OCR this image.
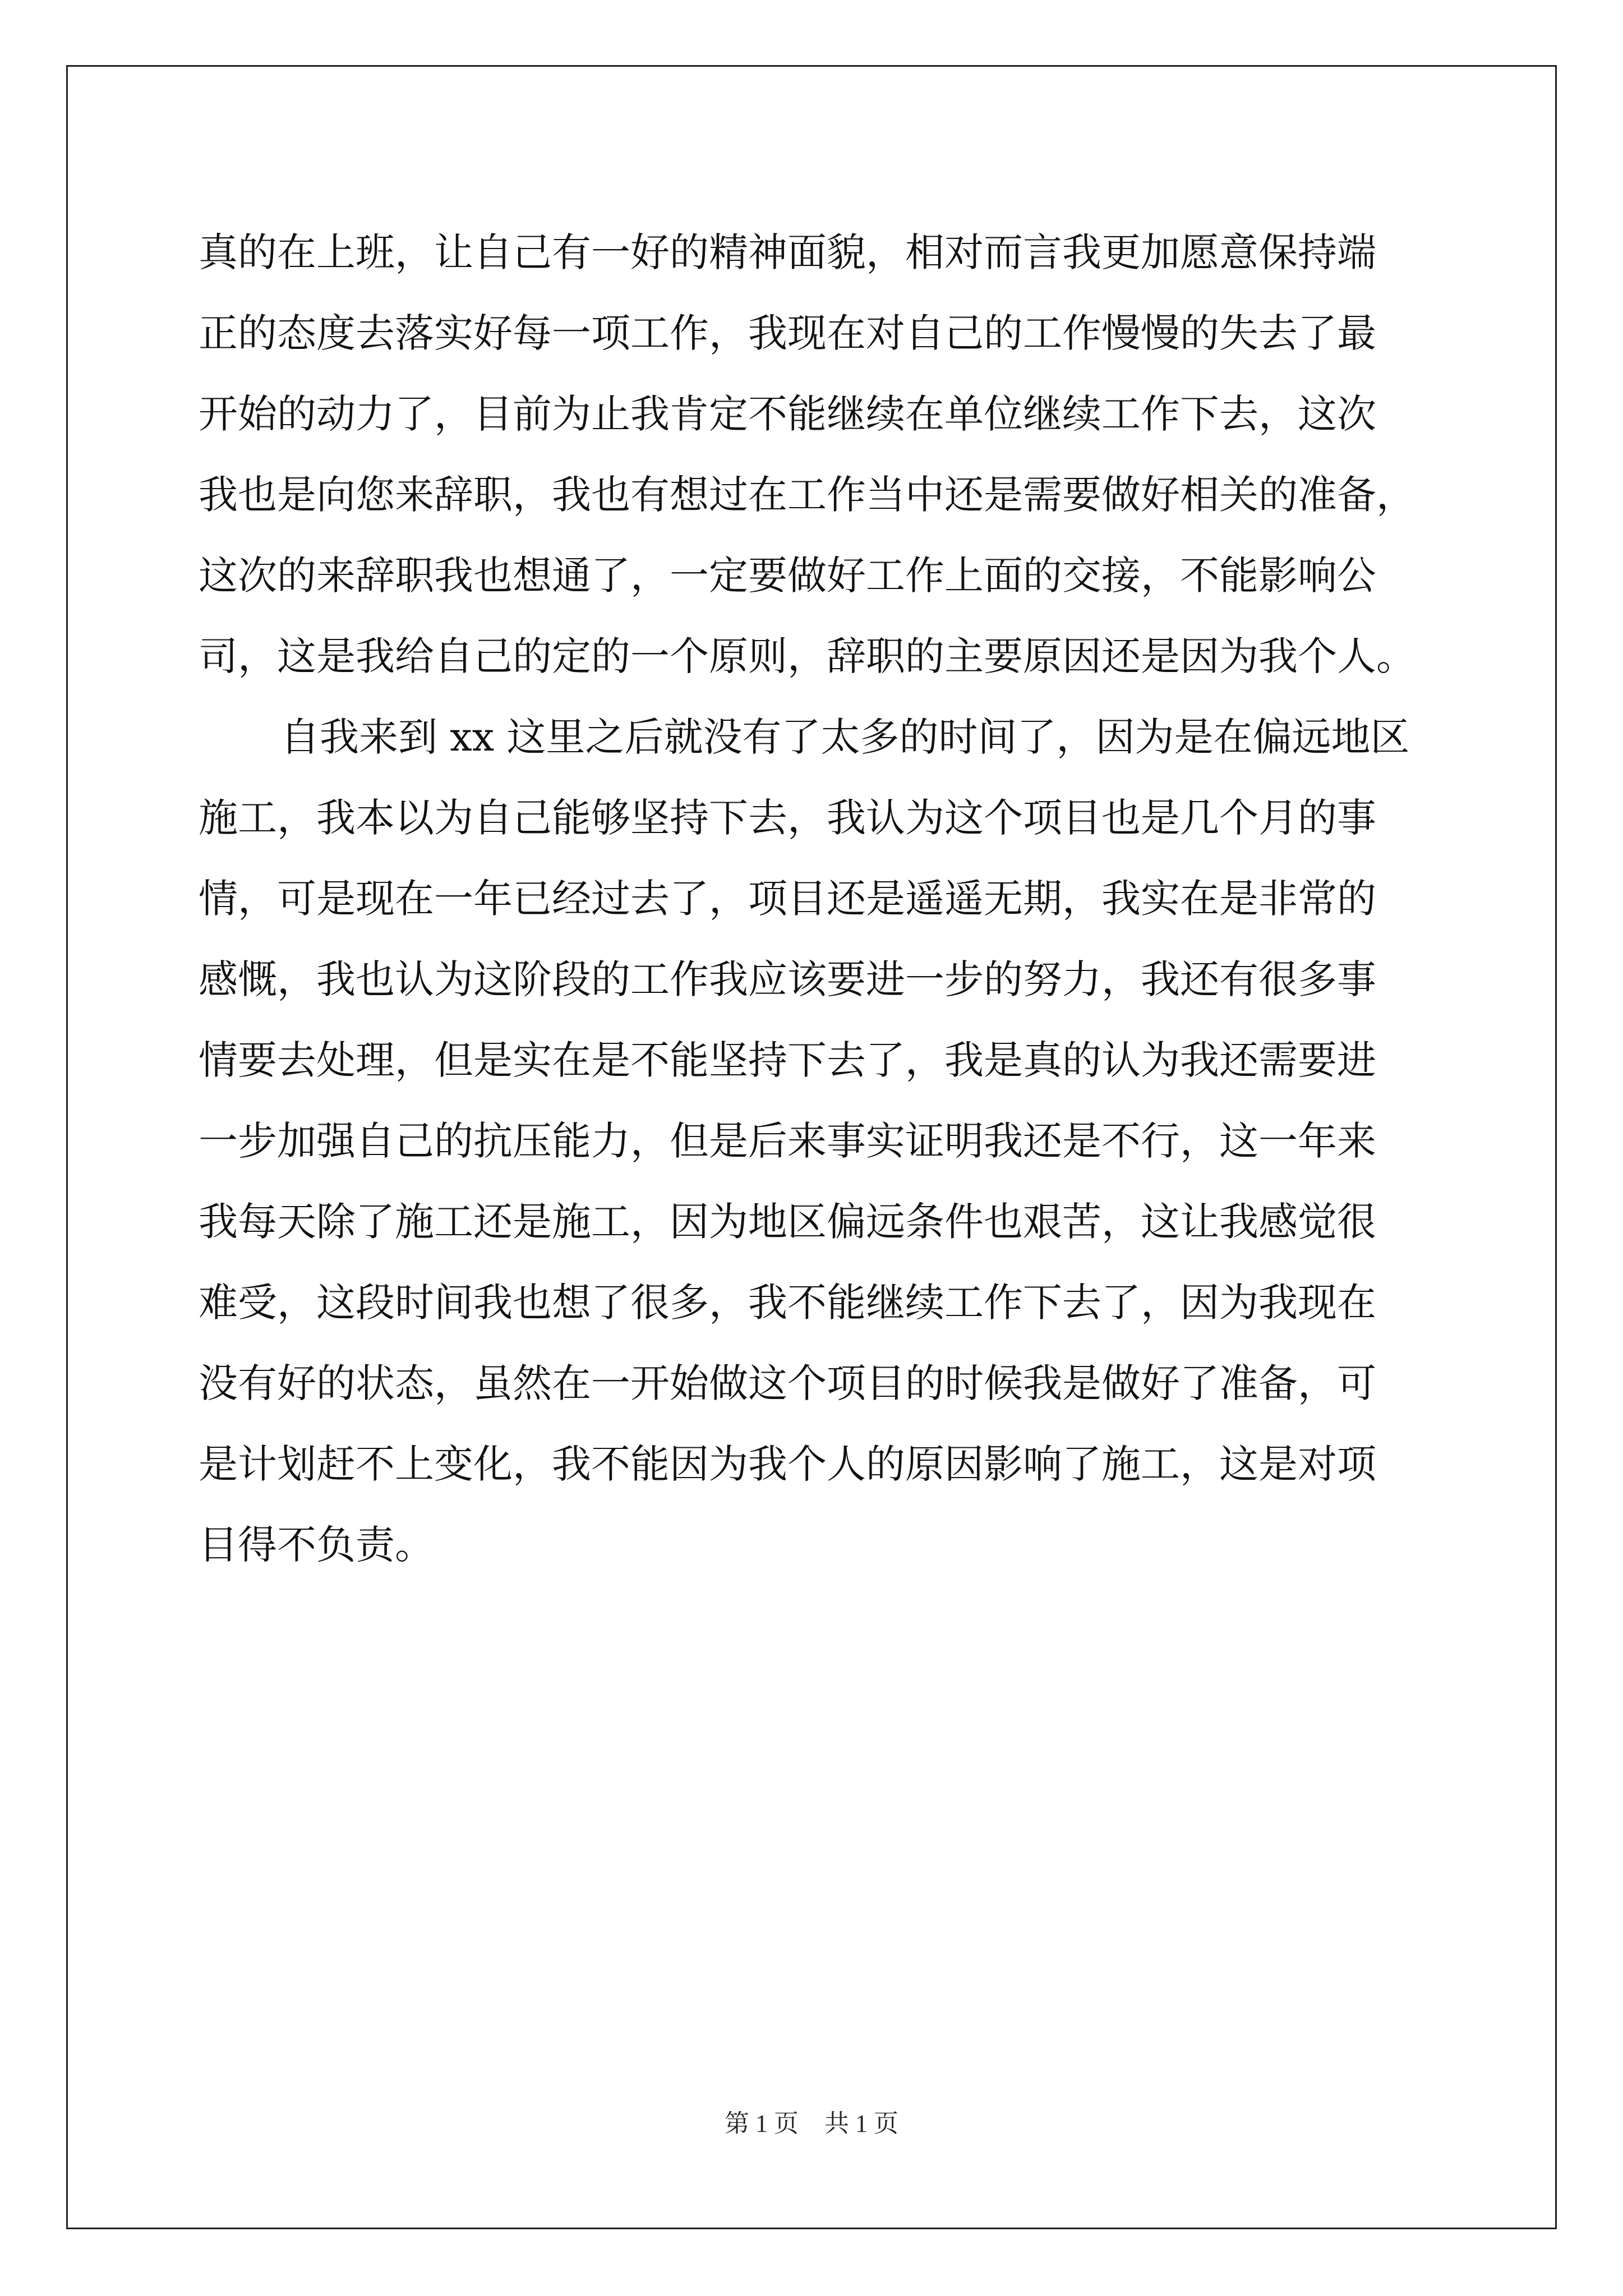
真的在上班，让自己有一好的精神面貌，相对而言我更加愿意保持端
正的态度去落实好每一项工作，我现在对自己的工作慢慢的失去了最
开始的动力了，目前为止我肯定不能继续在单位继续工作下去，这次
我也是向您来辞职，我也有想过在工作当中还是需要做好相关的准备，
这次的来辞职我也想通了，一定要做好工作上面的交接，不能影响公
司，这是我给自己的定的一个原则，辞职的主要原因还是因为我个人。
自我来到 xx 这里之后就没有了太多的时间了，因为是在偏远地区
施工，我本以为自己能够坚持下去，我认为这个项目也是几个月的事
情，可是现在一年已经过去了，项目还是遥遥无期，我实在是非常的
感慨，我也认为这阶段的工作我应该要进一步的努力，我还有很多事
情要去处理，但是实在是不能坚持下去了，我是真的认为我还需要进
一步加强自己的抗压能力，但是后来事实证明我还是不行，这一年来
我每天除了施工还是施工，因为地区偏远条件也艰苦，这让我感觉很
难受，这段时间我也想了很多，我不能继续工作下去了，因为我现在
没有好的状态，虽然在一开始做这个项目的时候我是做好了准备，可
是计划赶不上变化，我不能因为我个人的原因影响了施工，这是对项
目得不负责。
第 1 页 共 1 页
